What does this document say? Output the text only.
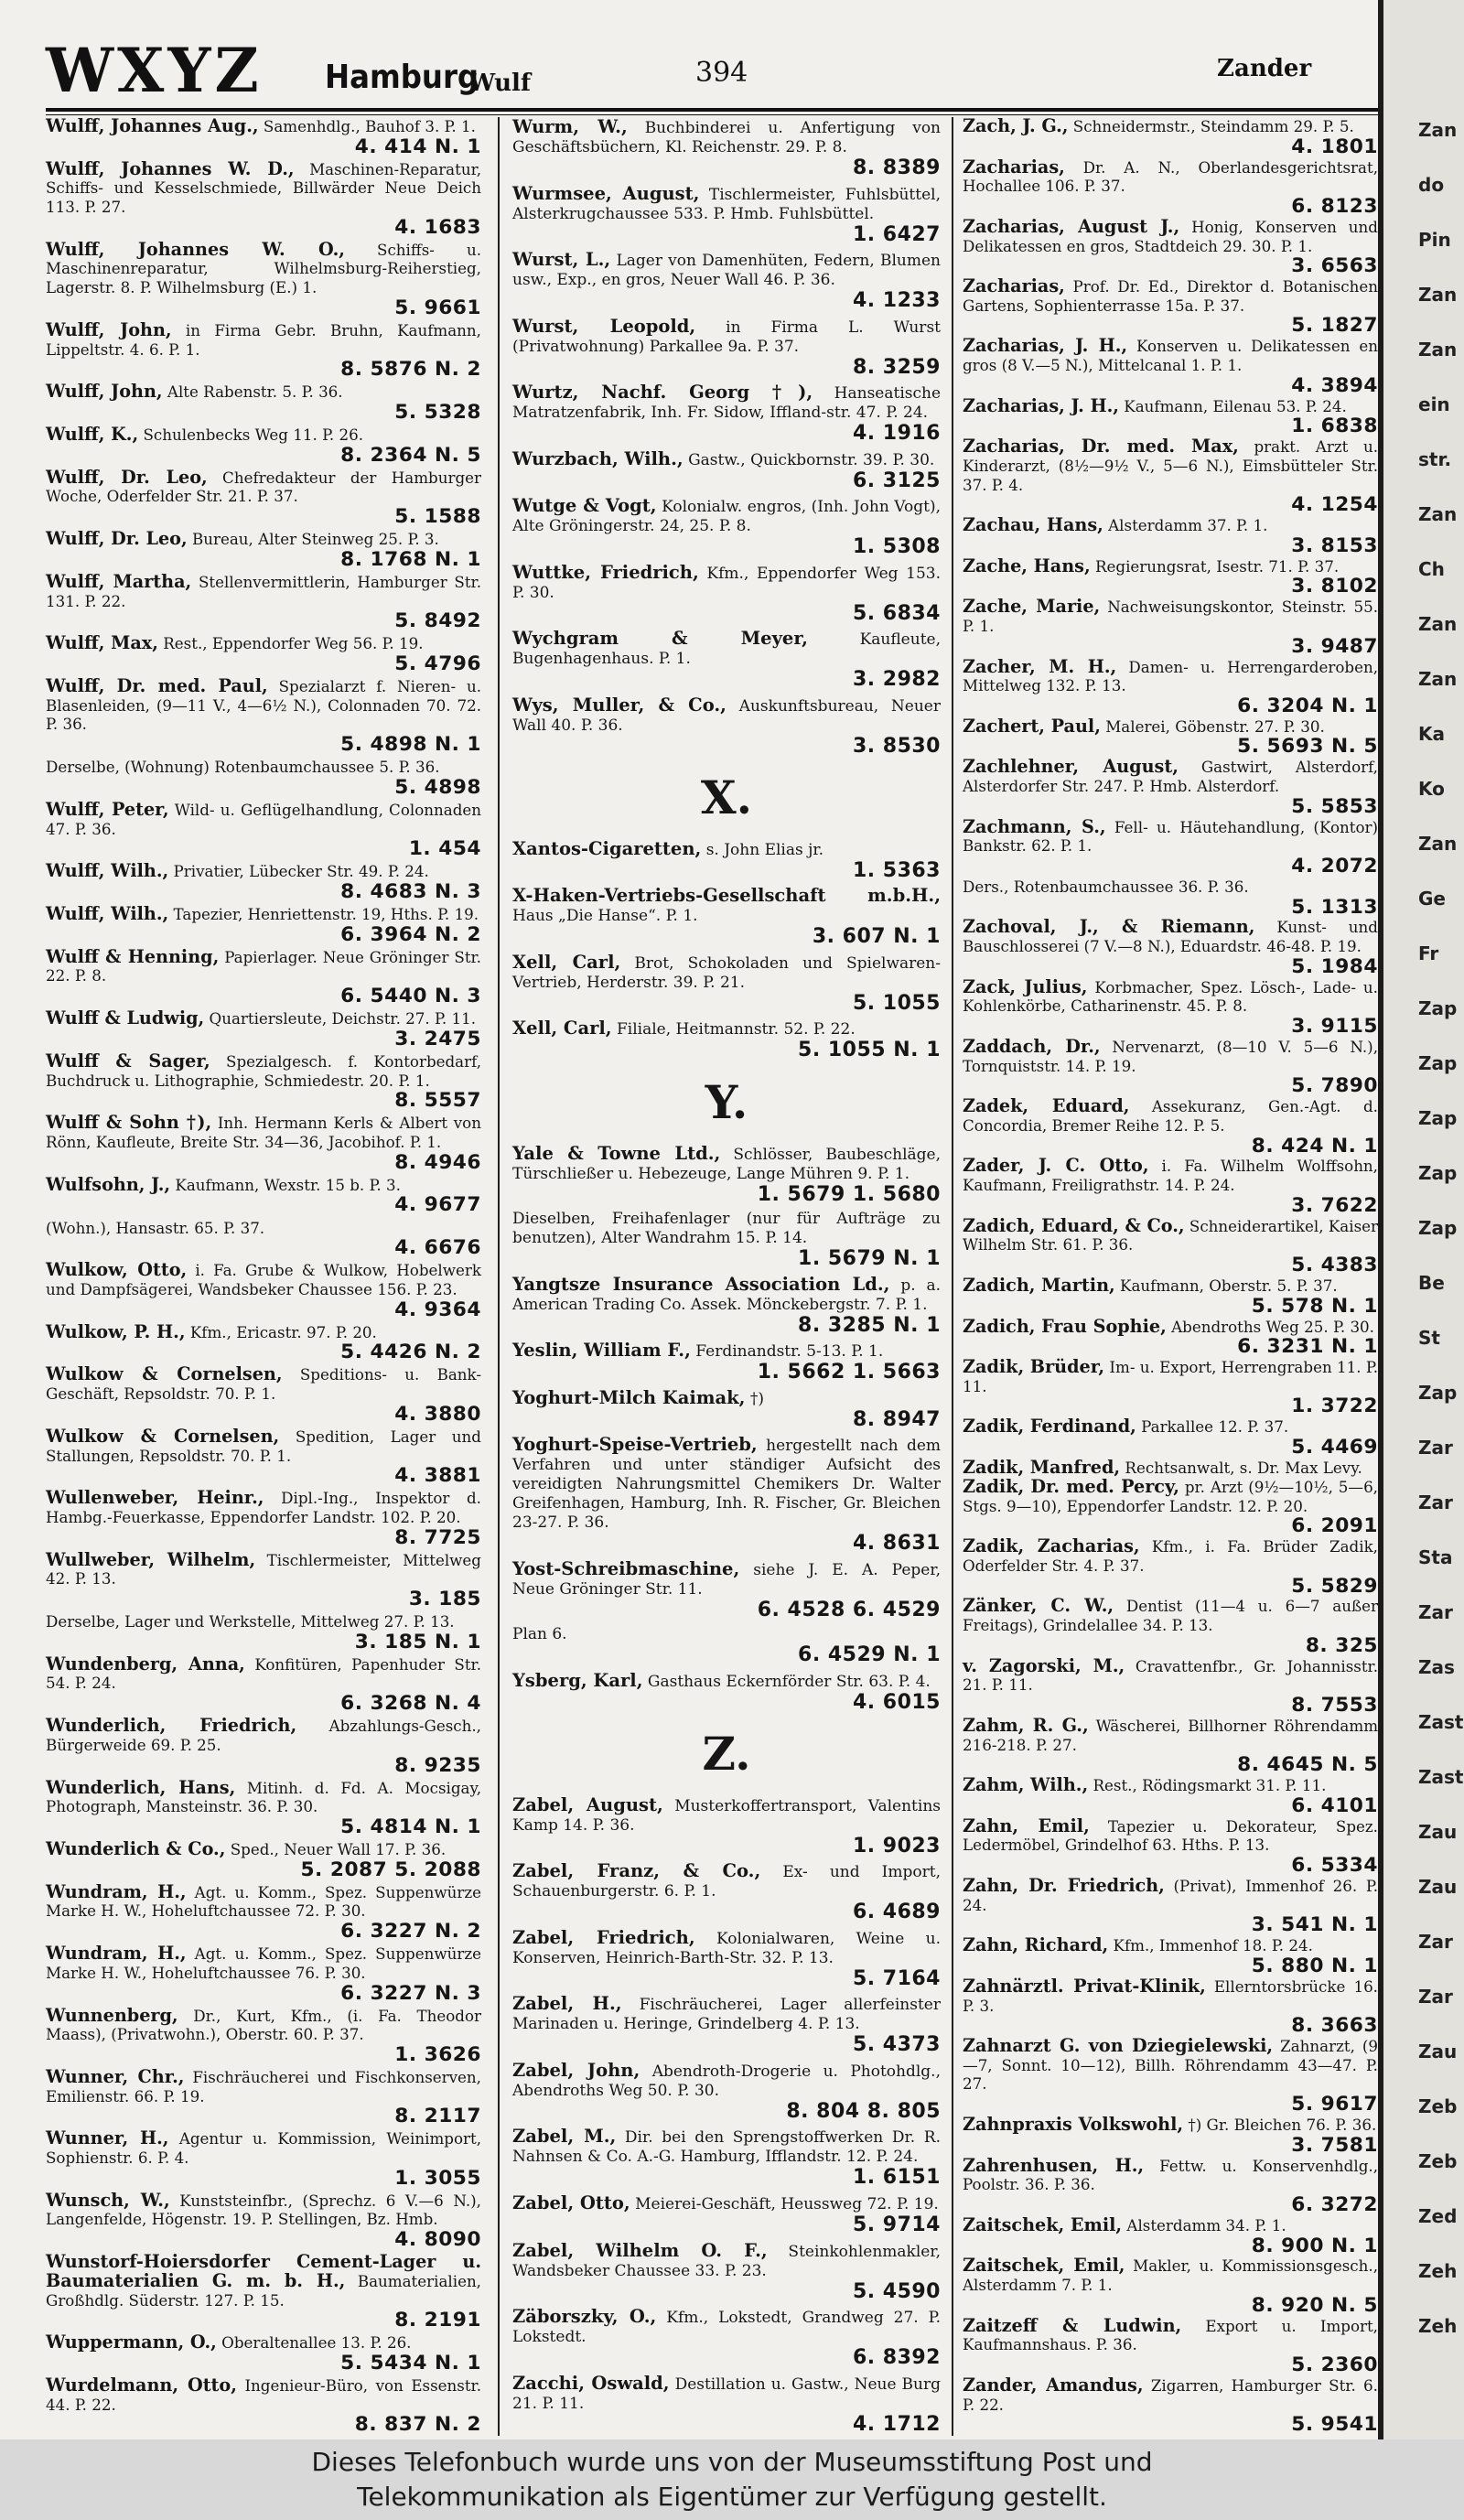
WXYZ Hamburg
Wulf	394	Zander
Wulff, Johannes Aug., Samenhdlg., Bauhof 3. P. 1.
4. 414 N. 1
Wulff, Johannes W. D., Maschinen-Reparatur, Schiffs- und Kesselschmiede, Billwärder Neue Deich 113. P. 27.
4. 1683
Wulff, Johannes W. O., Schiffs- u. Maschinenreparatur, Wilhelmsburg-Reiherstieg, Lagerstr. 8. P. Wilhelmsburg (E.) 1.
5. 9661
Wulff, John, in Firma Gebr. Bruhn, Kaufmann, Lippeltstr. 4. 6. P. 1.
8. 5876 N. 2
Wulff, John, Alte Rabenstr. 5. P. 36.
5. 5328
Wulff, K., Schulenbecks Weg 11. P. 26.
8. 2364 N. 5
Wulff, Dr. Leo, Chefredakteur der Hamburger Woche, Oderfelder Str. 21. P. 37.
5. 1588
Wulff, Dr. Leo, Bureau, Alter Steinweg 25. P. 3.
8. 1768 N. 1
Wulff, Martha, Stellenvermittlerin, Hamburger Str. 131. P. 22.
5. 8492
Wulff, Max, Rest., Eppendorfer Weg 56. P. 19.
5. 4796
Wulff, Dr. med. Paul, Spezialarzt f. Nieren- u. Blasenleiden, (9—11 V., 4—6½ N.), Colonnaden 70. 72. P. 36.
5. 4898 N. 1
Derselbe, (Wohnung) Rotenbaumchaussee 5. P. 36.
5. 4898
Wulff, Peter, Wild- u. Geflügelhandlung, Colonnaden 47. P. 36.
1. 454
Wulff, Wilh., Privatier, Lübecker Str. 49. P. 24.
8. 4683 N. 3
Wulff, Wilh., Tapezier, Henriettenstr. 19, Hths. P. 19.
6. 3964 N. 2
Wulff & Henning, Papierlager. Neue Gröninger Str. 22. P. 8.
6. 5440 N. 3
Wulff & Ludwig, Quartiersleute, Deichstr. 27. P. 11.
3. 2475
Wulff & Sager, Spezialgesch. f. Kontorbedarf, Buchdruck u. Lithographie, Schmiedestr. 20. P. 1.
8. 5557
Wulff & Sohn †), Inh. Hermann Kerls & Albert von Rönn, Kaufleute, Breite Str. 34—36, Jacobihof. P. 1.
8. 4946
Wulfsohn, J., Kaufmann, Wexstr. 15 b. P. 3.
4. 9677
(Wohn.), Hansastr. 65. P. 37.
4. 6676
Wulkow, Otto, i. Fa. Grube & Wulkow, Hobelwerk und Dampfsägerei, Wandsbeker Chaussee 156. P. 23.
4. 9364
Wulkow, P. H., Kfm., Ericastr. 97. P. 20.
5. 4426 N. 2
Wulkow & Cornelsen, Speditions- u. Bank-Geschäft, Repsoldstr. 70. P. 1.
4. 3880
Wulkow & Cornelsen, Spedition, Lager und Stallungen, Repsoldstr. 70. P. 1.
4. 3881
Wullenweber, Heinr., Dipl.-Ing., Inspektor d. Hambg.-Feuerkasse, Eppendorfer Landstr. 102. P. 20.
8. 7725
Wullweber, Wilhelm, Tischlermeister, Mittelweg 42. P. 13.
3. 185
Derselbe, Lager und Werkstelle, Mittelweg 27. P. 13.
3. 185 N. 1
Wundenberg, Anna, Konfitüren, Papenhuder Str. 54. P. 24.
6. 3268 N. 4
Wunderlich, Friedrich, Abzahlungs-Gesch., Bürgerweide 69. P. 25.
8. 9235
Wunderlich, Hans, Mitinh. d. Fd. A. Mocsigay, Photograph, Mansteinstr. 36. P. 30.
5. 4814 N. 1
Wunderlich & Co., Sped., Neuer Wall 17. P. 36.
5. 2087 5. 2088
Wundram, H., Agt. u. Komm., Spez. Suppenwürze Marke H. W., Hoheluftchaussee 72. P. 30.
6. 3227 N. 2
Wundram, H., Agt. u. Komm., Spez. Suppenwürze Marke H. W., Hoheluftchaussee 76. P. 30.
6. 3227 N. 3
Wunnenberg, Dr., Kurt, Kfm., (i. Fa. Theodor Maass), (Privatwohn.), Oberstr. 60. P. 37.
1. 3626
Wunner, Chr., Fischräucherei und Fischkonserven, Emilienstr. 66. P. 19.
8. 2117
Wunner, H., Agentur u. Kommission, Weinimport, Sophienstr. 6. P. 4.
1. 3055
Wunsch, W., Kunststeinfbr., (Sprechz. 6 V.—6 N.), Langenfelde, Högenstr. 19. P. Stellingen, Bz. Hmb.
4. 8090
Wunstorf-Hoiersdorfer Cement-Lager u. Baumaterialien G. m. b. H., Baumaterialien, Großhdlg. Süderstr. 127. P. 15.
8. 2191
Wuppermann, O., Oberaltenallee 13. P. 26.
5. 5434 N. 1
Wurdelmann, Otto, Ingenieur-Büro, von Essenstr. 44. P. 22.
8. 837 N. 2
Wurm, W., Buchbinderei u. Anfertigung von Geschäftsbüchern, Kl. Reichenstr. 29. P. 8.
8. 8389
Wurmsee, August, Tischlermeister, Fuhlsbüttel, Alsterkrugchaussee 533. P. Hmb. Fuhlsbüttel.
1. 6427
Wurst, L., Lager von Damenhüten, Federn, Blumen usw., Exp., en gros, Neuer Wall 46. P. 36.
4. 1233
Wurst, Leopold, in Firma L. Wurst (Privatwohnung) Parkallee 9a. P. 37.
8. 3259
Wurtz, Nachf. Georg †), Hanseatische Matratzenfabrik, Inh. Fr. Sidow, Iffland-str. 47. P. 24.
4. 1916
Wurzbach, Wilh., Gastw., Quickbornstr. 39. P. 30.
6. 3125
Wutge & Vogt, Kolonialw. engros, (Inh. John Vogt), Alte Gröningerstr. 24, 25. P. 8.
1. 5308
Wuttke, Friedrich, Kfm., Eppendorfer Weg 153. P. 30.
5. 6834
Wychgram & Meyer,	Kaufleute, Bugenhagenhaus. P. 1.
3. 2982
Wys, Muller, & Co., Auskunftsbureau, Neuer Wall 40. P. 36.
3. 8530
X.
Xantos-Cigaretten, s. John Elias jr.
1. 5363
X-Haken-Vertriebs-Gesellschaft m.b.H., Haus „Die Hanse“. P. 1.
3. 607 N. 1
Xell, Carl, Brot, Schokoladen und Spielwaren-Vertrieb, Herderstr. 39. P. 21.
5. 1055
Xell, Carl, Filiale, Heitmannstr. 52. P. 22.
5. 1055 N. 1
Y.
Yale & Towne Ltd., Schlösser, Baubeschläge, Türschließer u. Hebezeuge, Lange Mühren 9. P. 1.
1. 5679 1. 5680
Dieselben, Freihafenlager (nur für Aufträge zu benutzen), Alter Wandrahm 15. P. 14.
1. 5679 N. 1
Yangtsze Insurance Association Ld., p. a. American Trading Co. Assek. Mönckebergstr. 7. P. 1.
8. 3285 N. 1
Yeslin, William F., Ferdinandstr. 5-13. P. 1.
1. 5662 1. 5663
Yoghurt-Milch Kaimak, †)
8. 8947
Yoghurt-Speise-Vertrieb, hergestellt nach dem Verfahren und unter ständiger Aufsicht des vereidigten Nahrungsmittel Chemikers Dr. Walter Greifenhagen, Hamburg, Inh. R. Fischer, Gr. Bleichen 23-27. P. 36.
4. 8631
Yost-Schreibmaschine, siehe J. E. A. Peper, Neue Gröninger Str. 11.
6. 4528 6. 4529
Plan 6.
6. 4529 N. 1
Ysberg, Karl, Gasthaus Eckernförder Str. 63. P. 4.
4. 6015
Z.
Zabel, August, Musterkoffertransport, Valentins Kamp 14. P. 36.
1. 9023
Zabel, Franz, & Co., Ex- und Import, Schauenburgerstr. 6. P. 1.
6. 4689
Zabel, Friedrich, Kolonialwaren, Weine u. Konserven, Heinrich-Barth-Str. 32. P. 13.
5. 7164
Zabel, H., Fischräucherei, Lager allerfeinster Marinaden u. Heringe, Grindelberg 4. P. 13.
5. 4373
Zabel, John, Abendroth-Drogerie u. Photohdlg., Abendroths Weg 50. P. 30.
8. 804 8. 805
Zabel, M., Dir. bei den Sprengstoffwerken Dr. R. Nahnsen & Co. A.-G. Hamburg, Ifflandstr. 12. P. 24.
1. 6151
Zabel, Otto, Meierei-Geschäft, Heussweg 72. P. 19.
5. 9714
Zabel, Wilhelm O. F., Steinkohlenmakler, Wandsbeker Chaussee 33. P. 23.
5. 4590
Zäborszky, O., Kfm., Lokstedt, Grandweg 27. P. Lokstedt.
6. 8392
Zacchi, Oswald, Destillation u. Gastw., Neue Burg 21. P. 11.
4. 1712
Zach, J. G., Schneidermstr., Steindamm 29. P. 5.
4. 1801
Zacharias, Dr. A. N., Oberlandesgerichtsrat, Hochallee 106. P. 37.
6. 8123
Zacharias, August J., Honig, Konserven und Delikatessen en gros, Stadtdeich 29. 30. P. 1.
3. 6563
Zacharias, Prof. Dr. Ed., Direktor d. Botanischen Gartens, Sophienterrasse 15a. P. 37.
5. 1827
Zacharias, J. H., Konserven u. Delikatessen en gros (8 V.—5 N.), Mittelcanal 1. P. 1.
4. 3894
Zacharias, J. H., Kaufmann, Eilenau 53. P. 24.
1. 6838
Zacharias, Dr. med. Max, prakt. Arzt u. Kinderarzt, (8½—9½ V., 5—6 N.), Eimsbütteler Str. 37. P. 4.
4. 1254
Zachau, Hans, Alsterdamm 37. P. 1.
3. 8153
Zache, Hans, Regierungsrat, Isestr. 71. P. 37.
3. 8102
Zache, Marie, Nachweisungskontor, Steinstr. 55. P. 1.
3. 9487
Zacher, M. H., Damen- u. Herrengarderoben, Mittelweg 132. P. 13.
6. 3204 N. 1
Zachert, Paul, Malerei, Göbenstr. 27. P. 30.
5. 5693 N. 5
Zachlehner, August, Gastwirt, Alsterdorf, Alsterdorfer Str. 247. P. Hmb. Alsterdorf.
5. 5853
Zachmann, S., Fell- u. Häutehandlung, (Kontor) Bankstr. 62. P. 1.
4. 2072
Ders., Rotenbaumchaussee 36. P. 36.
5. 1313
Zachoval, J., & Riemann, Kunst- und Bauschlosserei (7 V.—8 N.), Eduardstr. 46-48. P. 19.
5. 1984
Zack, Julius, Korbmacher, Spez. Lösch-, Lade- u. Kohlenkörbe, Catharinenstr. 45. P. 8.
3. 9115
Zaddach, Dr., Nervenarzt, (8—10 V. 5—6 N.), Tornquiststr. 14. P. 19.
5. 7890
Zadek, Eduard, Assekuranz, Gen.-Agt. d. Concordia, Bremer Reihe 12. P. 5.
8. 424 N. 1
Zader, J. C. Otto, i. Fa. Wilhelm Wolffsohn, Kaufmann, Freiligrathstr. 14. P. 24.
3. 7622
Zadich, Eduard, & Co., Schneiderartikel, Kaiser Wilhelm Str. 61. P. 36.
5. 4383
Zadich, Martin, Kaufmann, Oberstr. 5. P. 37.
5. 578 N. 1
Zadich, Frau Sophie, Abendroths Weg 25. P. 30.
6. 3231 N. 1
Zadik, Brüder, Im- u. Export, Herrengraben 11. P. 11.
1. 3722
Zadik, Ferdinand, Parkallee 12. P. 37.
5. 4469
Zadik, Manfred, Rechtsanwalt, s. Dr. Max Levy.
Zadik, Dr. med. Percy, pr. Arzt (9½—10½, 5—6, Stgs. 9—10), Eppendorfer Landstr. 12. P. 20.
6. 2091
Zadik, Zacharias, Kfm., i. Fa. Brüder Zadik, Oderfelder Str. 4. P. 37.
5. 5829
Zänker, C. W., Dentist (11—4 u. 6—7 außer Freitags), Grindelallee 34. P. 13.
8. 325
v. Zagorski, M., Cravattenfbr., Gr. Johannisstr. 21. P. 11.
8. 7553
Zahm, R. G., Wäscherei, Billhorner Röhrendamm 216-218. P. 27.
8. 4645 N. 5
Zahm, Wilh., Rest., Rödingsmarkt 31. P. 11.
6. 4101
Zahn, Emil, Tapezier u. Dekorateur, Spez. Ledermöbel, Grindelhof 63. Hths. P. 13.
6. 5334
Zahn, Dr. Friedrich, (Privat), Immenhof 26. P. 24.
3. 541 N. 1
Zahn, Richard, Kfm., Immenhof 18. P. 24.
5. 880 N. 1
Zahnärztl. Privat-Klinik, Ellerntorsbrücke 16. P. 3.
8. 3663
Zahnarzt G. von Dziegielewski, Zahnarzt, (9—7, Sonnt. 10—12), Billh. Röhrendamm 43—47. P. 27.
5. 9617
Zahnpraxis Volkswohl, †) Gr. Bleichen 76. P. 36.
3. 7581
Zahrenhusen, H., Fettw. u. Konservenhdlg., Poolstr. 36. P. 36.
6. 3272
Zaitschek, Emil, Alsterdamm 34. P. 1.
8. 900 N. 1
Zaitschek, Emil, Makler, u. Kommissionsgesch., Alsterdamm 7. P. 1.
8. 920 N. 5
Zaitzeff & Ludwin, Export u. Import, Kaufmannshaus. P. 36.
5. 2360
Zander, Amandus, Zigarren, Hamburger Str. 6. P. 22.
5. 9541
Zan
do
Pin
Zan
Zan
ein
str.
Zan
Ch
Zan
Zan
Ka
Ko
Zan
Ge
Fr
Zap
Zap
Zap
Zap
Zap
Be
St
Zap
Zar
Zar
Sta
Zar
Zas
Zast
Zast
Zau
Zau
Zar
Zar
Zau
Zeb
Zeb
Zed
Zeh
Zeh
Dieses Telefonbuch wurde uns von der Museumsstiftung Post und
Telekommunikation als Eigentümer zur Verfügung gestellt.
